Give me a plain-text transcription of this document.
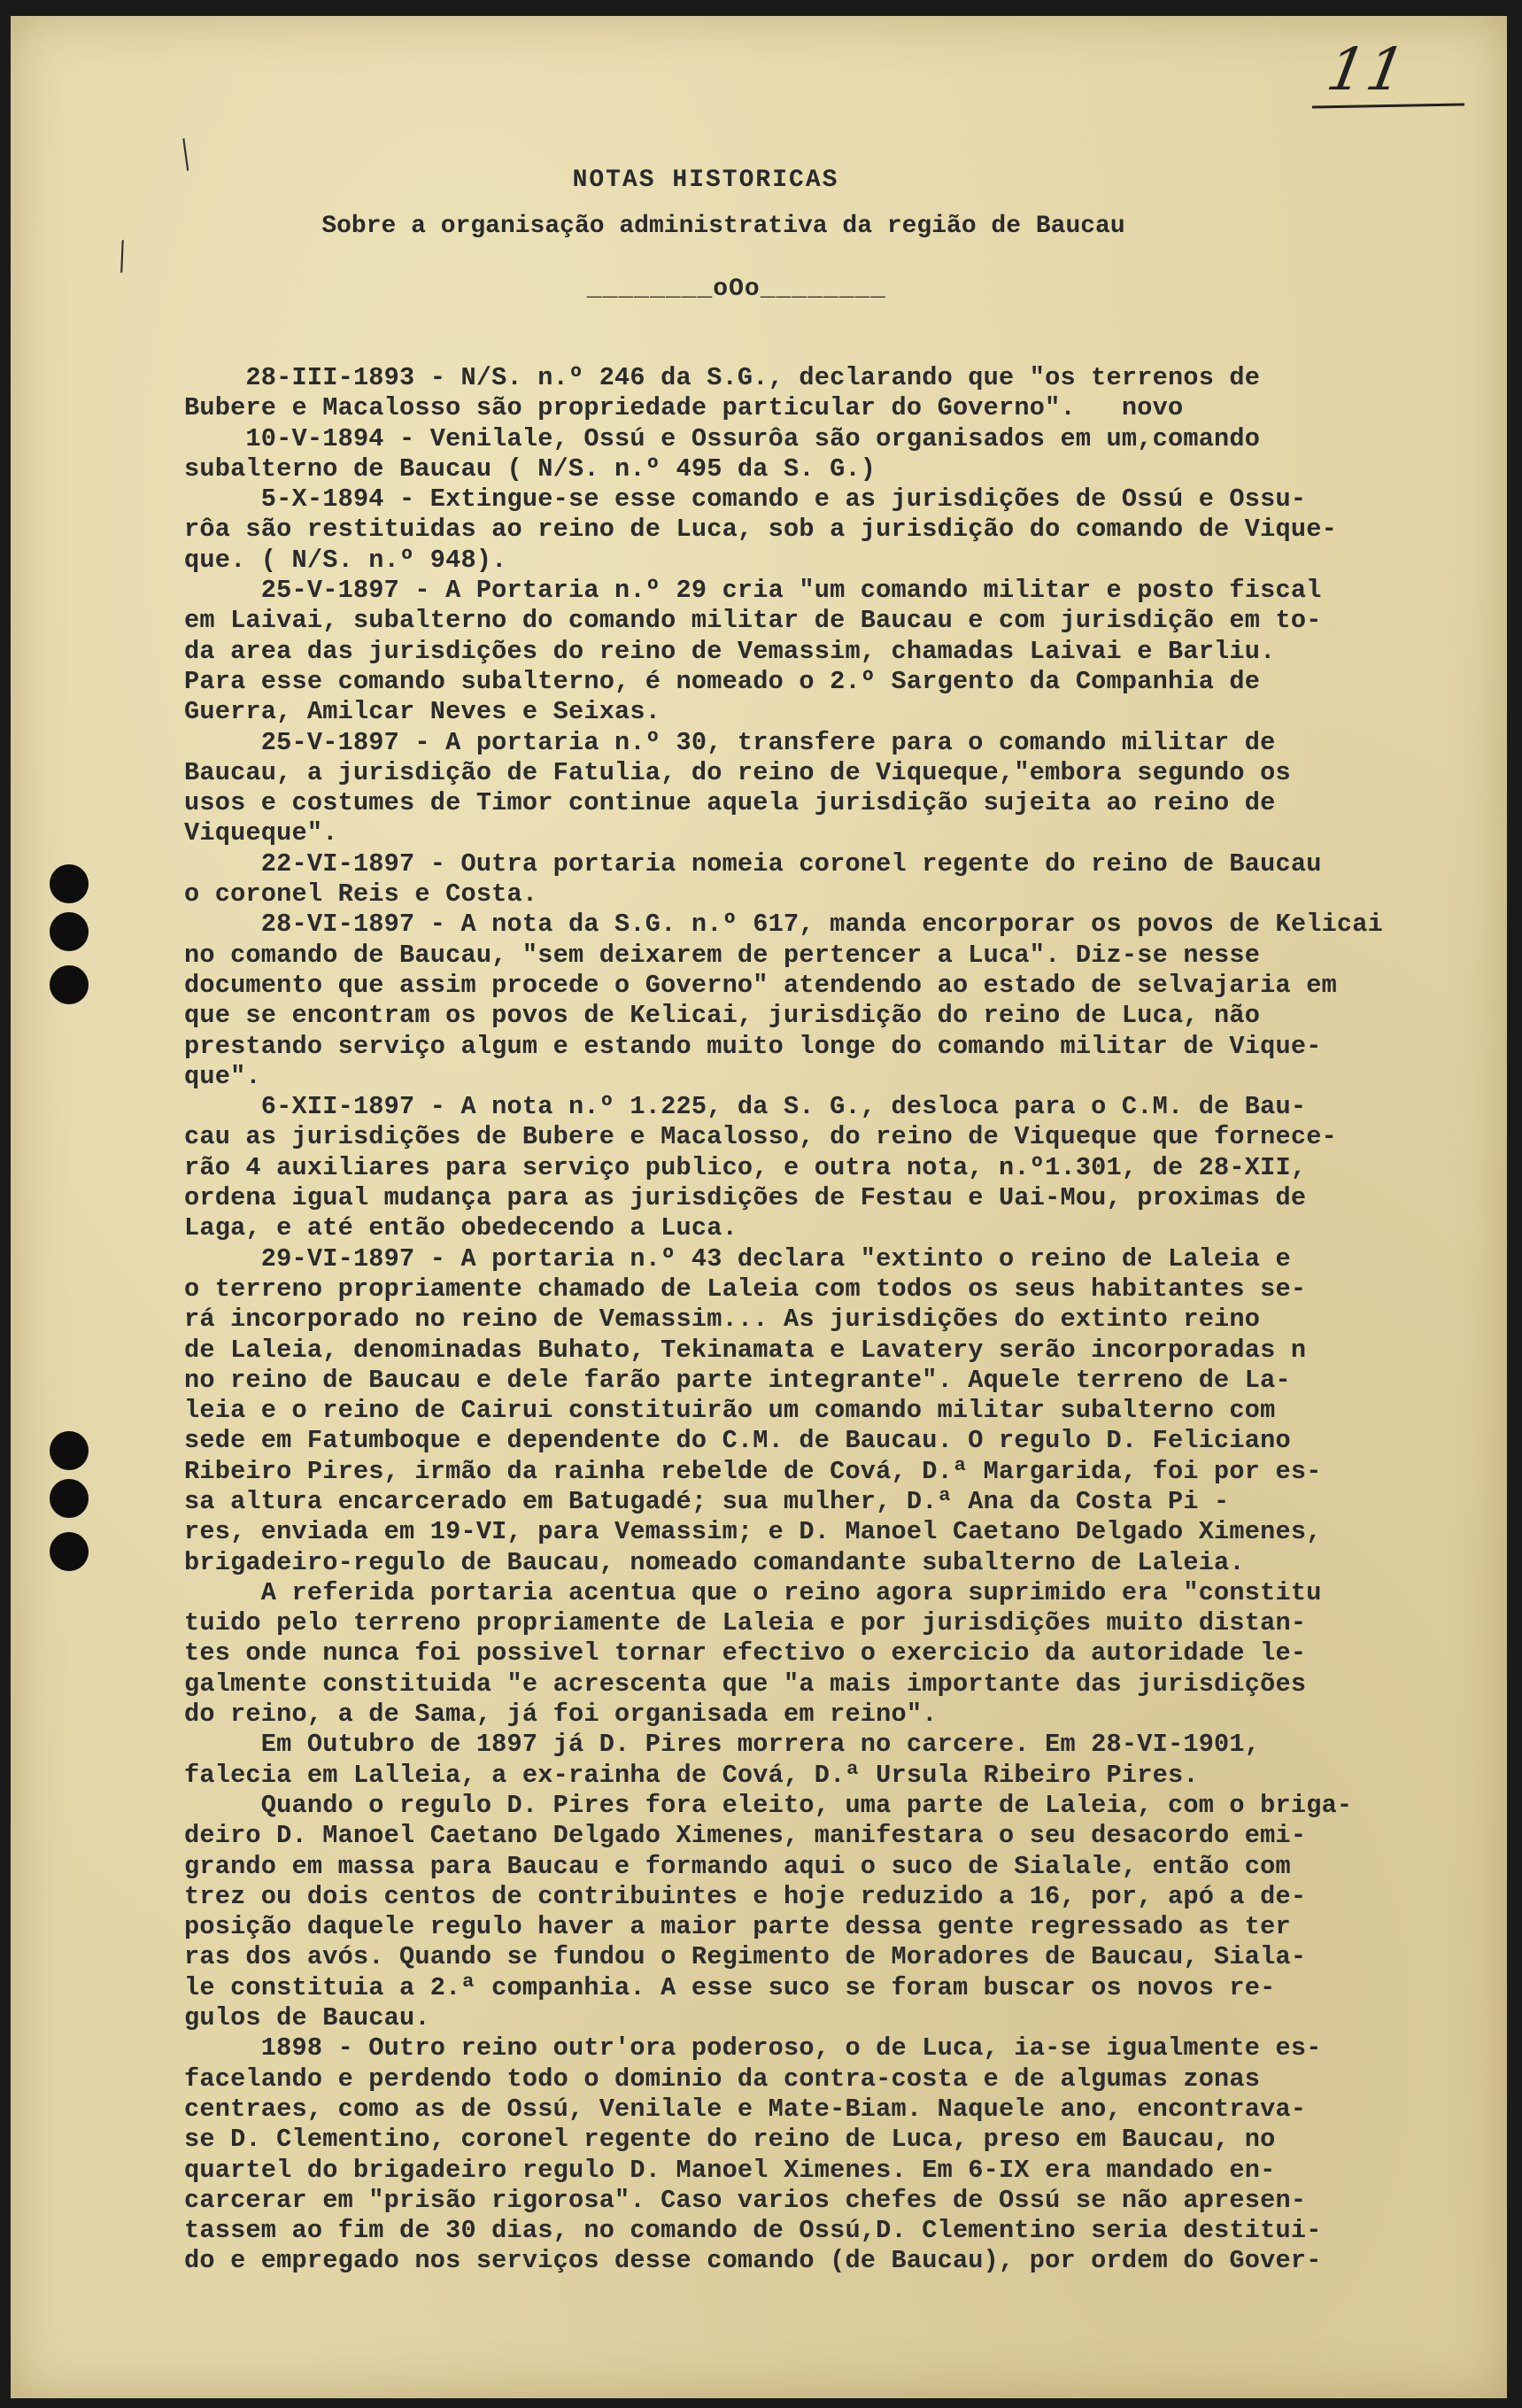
11
╱
╱
NOTAS HISTORICAS
Sobre a organisação administrativa da região de Baucau
________oOo________
28-III-1893 - N/S. n.º 246 da S.G., declarando que "os terrenos de
Bubere e Macalosso são propriedade particular do Governo".   novo
10-V-1894 - Venilale, Ossú e Ossurôa são organisados em um,comando
subalterno de Baucau ( N/S. n.º 495 da S. G.)
5-X-1894 - Extingue-se esse comando e as jurisdições de Ossú e Ossu-
rôa são restituidas ao reino de Luca, sob a jurisdição do comando de Vique-
que. ( N/S. n.º 948).
25-V-1897 - A Portaria n.º 29 cria "um comando militar e posto fiscal
em Laivai, subalterno do comando militar de Baucau e com jurisdição em to-
da area das jurisdições do reino de Vemassim, chamadas Laivai e Barliu.
Para esse comando subalterno, é nomeado o 2.º Sargento da Companhia de
Guerra, Amilcar Neves e Seixas.
25-V-1897 - A portaria n.º 30, transfere para o comando militar de
Baucau, a jurisdição de Fatulia, do reino de Viqueque,"embora segundo os
usos e costumes de Timor continue aquela jurisdição sujeita ao reino de
Viqueque".
22-VI-1897 - Outra portaria nomeia coronel regente do reino de Baucau
o coronel Reis e Costa.
28-VI-1897 - A nota da S.G. n.º 617, manda encorporar os povos de Kelicai
no comando de Baucau, "sem deixarem de pertencer a Luca". Diz-se nesse
documento que assim procede o Governo" atendendo ao estado de selvajaria em
que se encontram os povos de Kelicai, jurisdição do reino de Luca, não
prestando serviço algum e estando muito longe do comando militar de Vique-
que".
6-XII-1897 - A nota n.º 1.225, da S. G., desloca para o C.M. de Bau-
cau as jurisdições de Bubere e Macalosso, do reino de Viqueque que fornece-
rão 4 auxiliares para serviço publico, e outra nota, n.º1.301, de 28-XII,
ordena igual mudança para as jurisdições de Festau e Uai-Mou, proximas de
Laga, e até então obedecendo a Luca.
29-VI-1897 - A portaria n.º 43 declara "extinto o reino de Laleia e
o terreno propriamente chamado de Laleia com todos os seus habitantes se-
rá incorporado no reino de Vemassim... As jurisdições do extinto reino
de Laleia, denominadas Buhato, Tekinamata e Lavatery serão incorporadas n
no reino de Baucau e dele farão parte integrante". Aquele terreno de La-
leia e o reino de Cairui constituirão um comando militar subalterno com
sede em Fatumboque e dependente do C.M. de Baucau. O regulo D. Feliciano
Ribeiro Pires, irmão da rainha rebelde de Cová, D.ª Margarida, foi por es-
sa altura encarcerado em Batugadé; sua mulher, D.ª Ana da Costa Pi -
res, enviada em 19-VI, para Vemassim; e D. Manoel Caetano Delgado Ximenes,
brigadeiro-regulo de Baucau, nomeado comandante subalterno de Laleia.
A referida portaria acentua que o reino agora suprimido era "constitu
tuido pelo terreno propriamente de Laleia e por jurisdições muito distan-
tes onde nunca foi possivel tornar efectivo o exercicio da autoridade le-
galmente constituida "e acrescenta que "a mais importante das jurisdições
do reino, a de Sama, já foi organisada em reino".
Em Outubro de 1897 já D. Pires morrera no carcere. Em 28-VI-1901,
falecia em Lalleia, a ex-rainha de Cová, D.ª Ursula Ribeiro Pires.
Quando o regulo D. Pires fora eleito, uma parte de Laleia, com o briga-
deiro D. Manoel Caetano Delgado Ximenes, manifestara o seu desacordo emi-
grando em massa para Baucau e formando aqui o suco de Sialale, então com
trez ou dois centos de contribuintes e hoje reduzido a 16, por, apó a de-
posição daquele regulo haver a maior parte dessa gente regressado as ter
ras dos avós. Quando se fundou o Regimento de Moradores de Baucau, Siala-
le constituia a 2.ª companhia. A esse suco se foram buscar os novos re-
gulos de Baucau.
1898 - Outro reino outr'ora poderoso, o de Luca, ia-se igualmente es-
facelando e perdendo todo o dominio da contra-costa e de algumas zonas
centraes, como as de Ossú, Venilale e Mate-Biam. Naquele ano, encontrava-
se D. Clementino, coronel regente do reino de Luca, preso em Baucau, no
quartel do brigadeiro regulo D. Manoel Ximenes. Em 6-IX era mandado en-
carcerar em "prisão rigorosa". Caso varios chefes de Ossú se não apresen-
tassem ao fim de 30 dias, no comando de Ossú,D. Clementino seria destitui-
do e empregado nos serviços desse comando (de Baucau), por ordem do Gover-
